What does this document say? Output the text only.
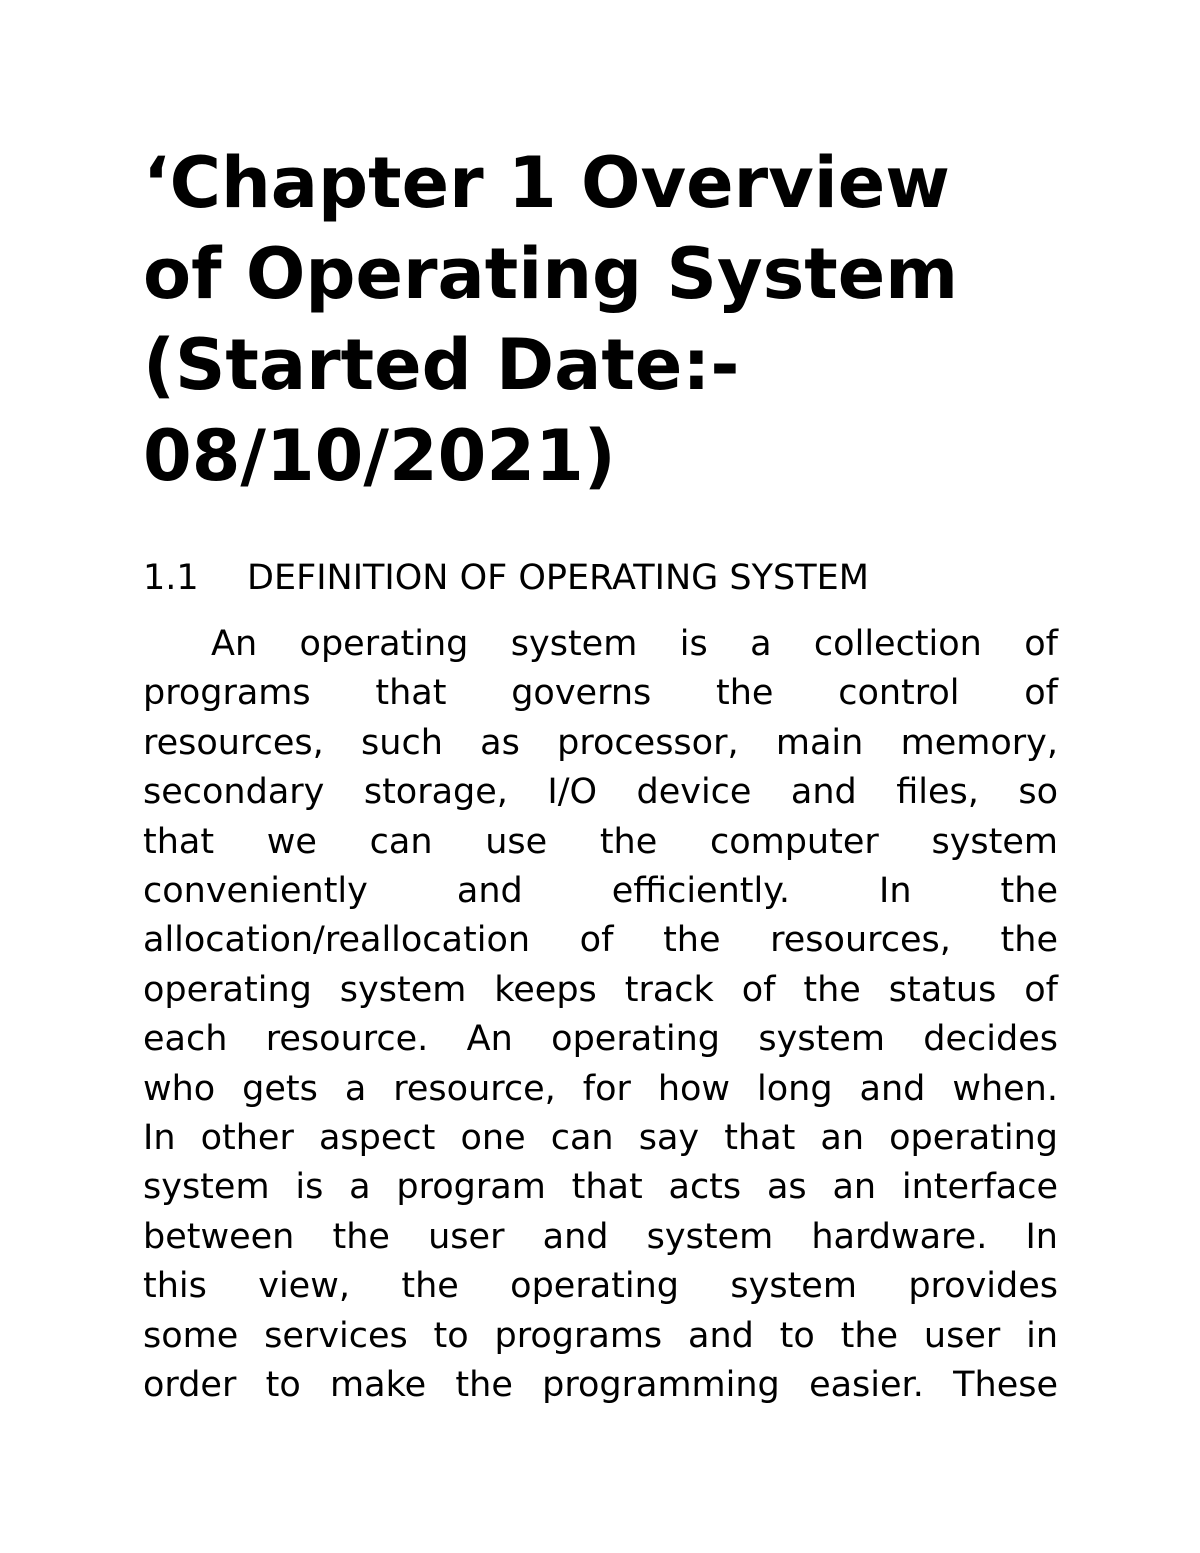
‘Chapter 1 Overview
of Operating System
(Started Date:-
08/10/2021)
1.1 DEFINITION OF OPERATING SYSTEM
An operating system is a collection of
programs that governs the control of
resources, such as processor, main memory,
secondary storage, I/O device and files, so
that we can use the computer system
conveniently and efficiently. In the
allocation/reallocation of the resources, the
operating system keeps track of the status of
each resource. An operating system decides
who gets a resource, for how long and when.
In other aspect one can say that an operating
system is a program that acts as an interface
between the user and system hardware. In
this view, the operating system provides
some services to programs and to the user in
order to make the programming easier. These
